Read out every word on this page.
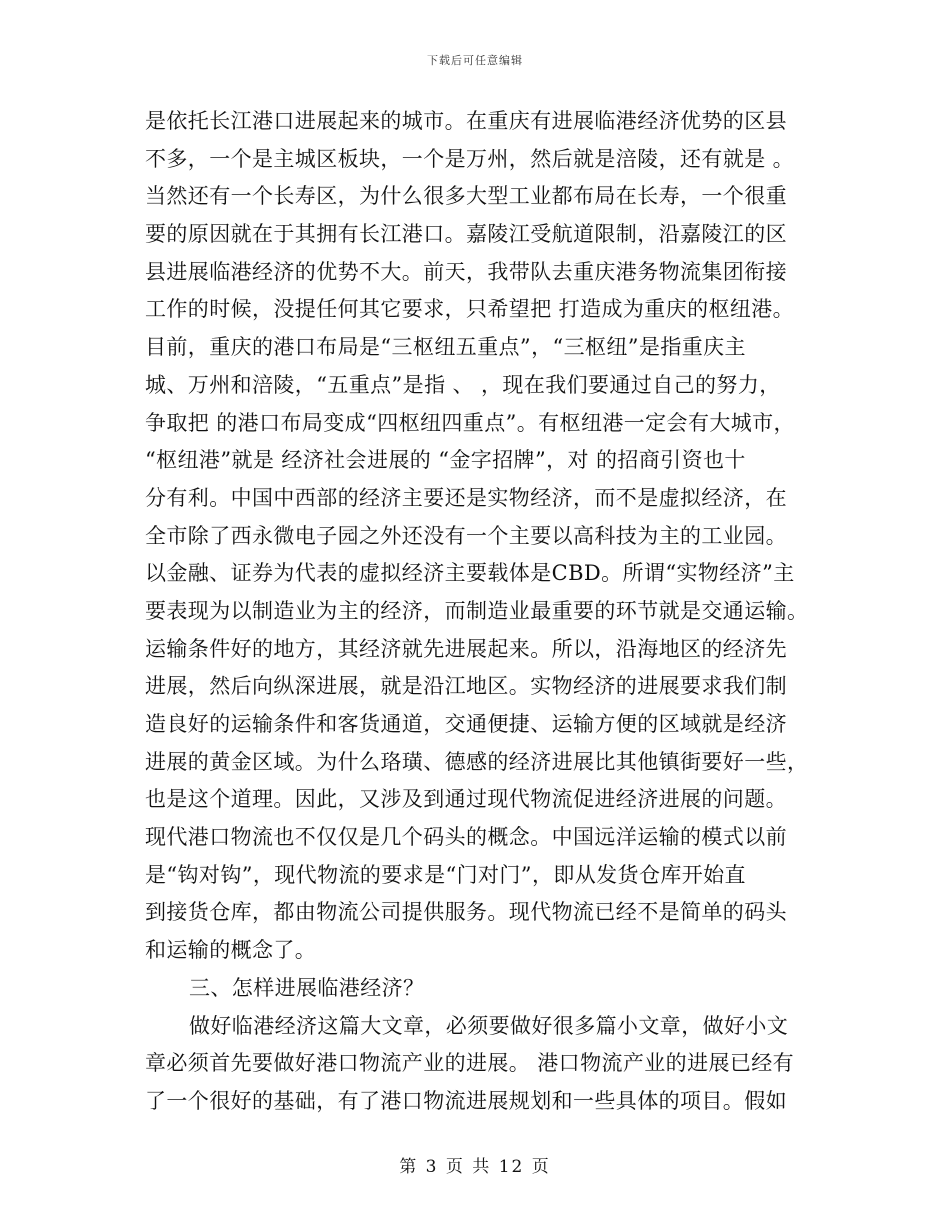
下载后可任意编辑
是依托长江港口进展起来的城市。在重庆有进展临港经济优势的区县
不多，一个是主城区板块，一个是万州，然后就是涪陵，还有就是 。
当然还有一个长寿区，为什么很多大型工业都布局在长寿，一个很重
要的原因就在于其拥有长江港口。嘉陵江受航道限制，沿嘉陵江的区
县进展临港经济的优势不大。前天，我带队去重庆港务物流集团衔接
工作的时候，没提任何其它要求，只希望把 打造成为重庆的枢纽港。
目前，重庆的港口布局是“三枢纽五重点”，“三枢纽”是指重庆主
城、万州和涪陵，“五重点”是指 、 ，现在我们要通过自己的努力，
争取把 的港口布局变成“四枢纽四重点”。有枢纽港一定会有大城市，
“枢纽港”就是 经济社会进展的 “金字招牌”，对 的招商引资也十
分有利。中国中西部的经济主要还是实物经济，而不是虚拟经济，在
全市除了西永微电子园之外还没有一个主要以高科技为主的工业园。
以金融、证券为代表的虚拟经济主要载体是CBD。所谓“实物经济”主
要表现为以制造业为主的经济，而制造业最重要的环节就是交通运输。
运输条件好的地方，其经济就先进展起来。所以，沿海地区的经济先
进展，然后向纵深进展，就是沿江地区。实物经济的进展要求我们制
造良好的运输条件和客货通道，交通便捷、运输方便的区域就是经济
进展的黄金区域。为什么珞璜、德感的经济进展比其他镇街要好一些，
也是这个道理。因此，又涉及到通过现代物流促进经济进展的问题。
现代港口物流也不仅仅是几个码头的概念。中国远洋运输的模式以前
是“钩对钩”，现代物流的要求是“门对门”，即从发货仓库开始直
到接货仓库，都由物流公司提供服务。现代物流已经不是简单的码头
和运输的概念了。
三、怎样进展临港经济？
做好临港经济这篇大文章，必须要做好很多篇小文章，做好小文
章必须首先要做好港口物流产业的进展。 港口物流产业的进展已经有
了一个很好的基础，有了港口物流进展规划和一些具体的项目。假如
第 3 页 共 12 页
